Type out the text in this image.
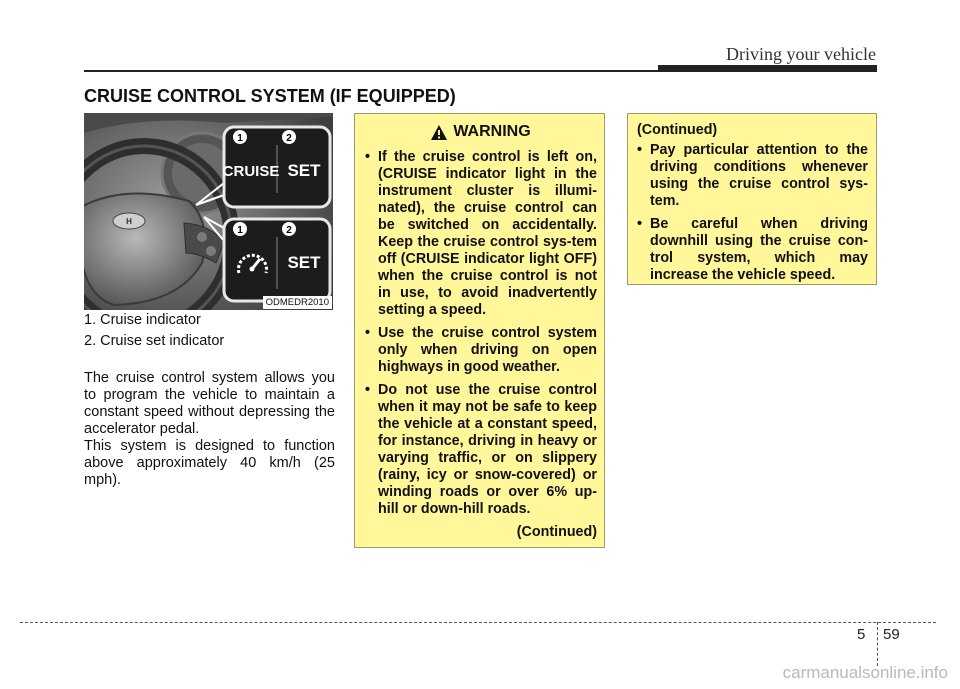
Driving your vehicle
CRUISE CONTROL SYSTEM (IF EQUIPPED)
H
1	2
CRUISE SET
1	2
SET
ODMEDR2010
1. Cruise indicator
2. Cruise set indicator
The cruise control system allows you to program the vehicle to maintain a constant speed without depressing the accelerator pedal.
This system is designed to function above approximately 40 km/h (25 mph).
WARNING
• If the cruise control is left on, (CRUISE indicator light in the instrument cluster is illumi-nated), the cruise control can be switched on accidentally. Keep the cruise control sys-tem off (CRUISE indicator light OFF) when the cruise control is not in use, to avoid inadvertently setting a speed.
• Use the cruise control system only when driving on open highways in good weather.
• Do not use the cruise control when it may not be safe to keep the vehicle at a constant speed, for instance, driving in heavy or varying traffic, or on slippery (rainy, icy or snow-covered) or winding roads or over 6% up-hill or down-hill roads.
(Continued)
(Continued)
• Pay particular attention to the driving conditions whenever using the cruise control sys-tem.
• Be careful when driving downhill using the cruise con-trol system, which may increase the vehicle speed.
5 59
carmanualsonline.info
